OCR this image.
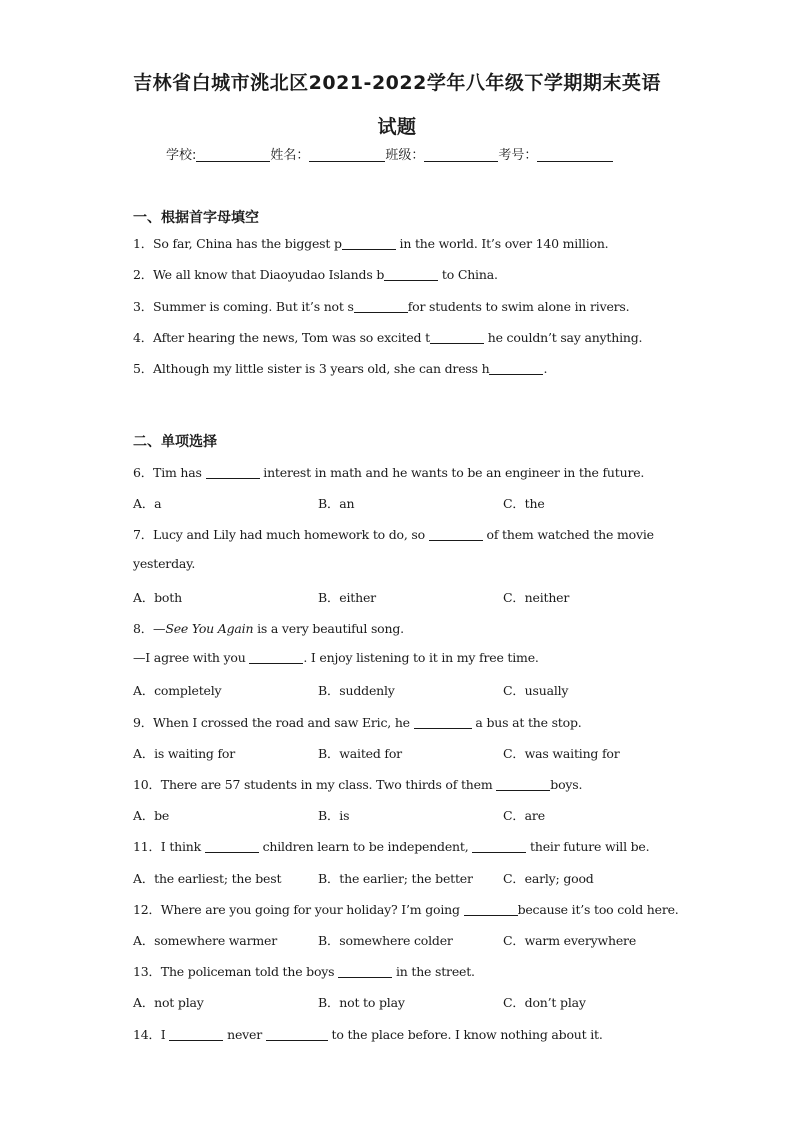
吉林省白城市洮北区2021-2022学年八年级下学期期末英语
试题
学校:	姓名：	班级：	考号：
一、根据首字母填空
1．So far, China has the biggest p	in the world. It’s over 140 million.
2．We all know that Diaoyudao Islands b	to China.
3．Summer is coming. But it’s not s	for students to swim alone in rivers.
4．After hearing the news, Tom was so excited t	he couldn’t say anything.
5．Although my little sister is 3 years old, she can dress h	.
二、单项选择
6．Tim has	interest in math and he wants to be an engineer in the future.
A．a	B．an	C．the
7．Lucy and Lily had much homework to do, so	of them watched the movie
yesterday.
A．both	B．either	C．neither
8．—See You Again is a very beautiful song.
—I agree with you	. I enjoy listening to it in my free time.
A．completely	B．suddenly	C．usually
9．When I crossed the road and saw Eric, he	a bus at the stop.
A．is waiting for	B．waited for	C．was waiting for
10．There are 57 students in my class. Two thirds of them	boys.
A．be	B．is	C．are
11．I think	children learn to be independent,	their future will be.
A．the earliest; the best	B．the earlier; the better C．early; good
12．Where are you going for your holiday? I’m going	because it’s too cold here.
A．somewhere warmer	B．somewhere colder	C．warm everywhere
13．The policeman told the boys	in the street.
A．not play	B．not to play	C．don’t play
14．I	never	to the place before. I know nothing about it.
